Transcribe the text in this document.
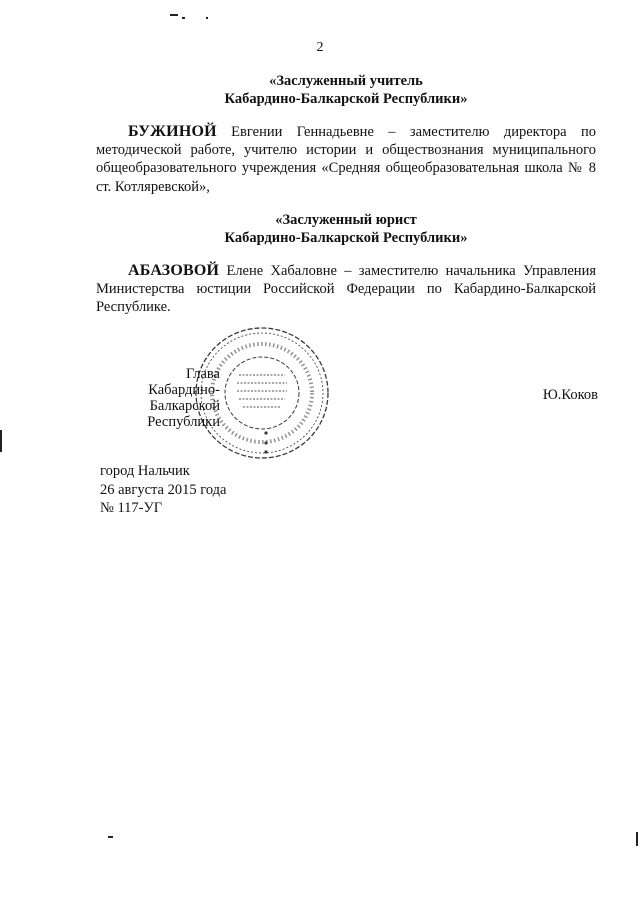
2
«Заслуженный учитель
Кабардино-Балкарской Республики»
БУЖИНОЙ Евгении Геннадьевне – заместителю директора по методической работе, учителю истории и обществознания муниципального общеобразовательного учреждения «Средняя общеобразовательная школа № 8 ст. Котляревской»,
«Заслуженный юрист
Кабардино-Балкарской Республики»
АБАЗОВОЙ Елене Хабаловне – заместителю начальника Управления Министерства юстиции Российской Федерации по Кабардино-Балкарской Республике.
Глава
Кабардино-Балкарской
Республики
Ю.Коков
город Нальчик
26 августа 2015 года
№ 117-УГ
